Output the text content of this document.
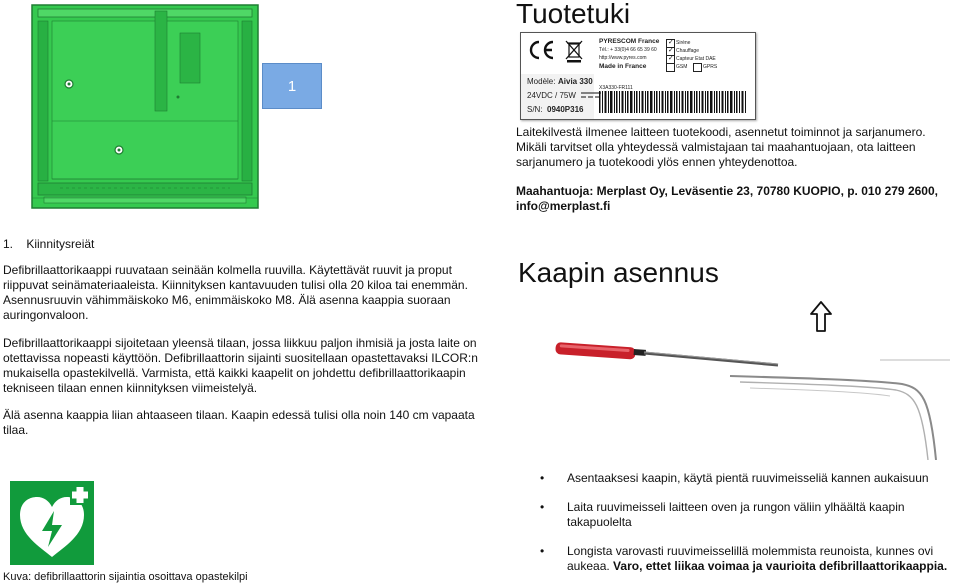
1
Tuotetuki
PYRESCOM France
Tél.: + 33(0)4 66 65 39 60
http://www.pyres.com
Made in France
✓ Sirène
✓ Chauffage
✓ Capteur Etat DAE
GSM	GPRS
Modèle: Aivia 330
24VDC / 75W
S/N: 0940P316
X3A330-FR111
Laitekilvestä ilmenee laitteen tuotekoodi, asennetut toiminnot ja sarjanumero. Mikäli tarvitset olla yhteydessä valmistajaan tai maahantuojaan, ota laitteen sarjanumero ja tuotekoodi ylös ennen yhteydenottoa.
Maahantuoja: Merplast Oy, Leväsentie 23, 70780 KUOPIO, p. 010 279 2600,
info@merplast.fi
1.    Kiinnitysreiät
Defibrillaattorikaappi ruuvataan seinään kolmella ruuvilla. Käytettävät ruuvit ja proput riippuvat seinämateriaaleista. Kiinnityksen kantavuuden tulisi olla 20 kiloa tai enemmän. Asennusruuvin vähimmäiskoko M6, enimmäiskoko M8. Älä asenna kaappia suoraan auringonvaloon.
Defibrillaattorikaappi sijoitetaan yleensä tilaan, jossa liikkuu paljon ihmisiä ja josta laite on otettavissa nopeasti käyttöön. Defibrillaattorin sijainti suositellaan opastettavaksi ILCOR:n mukaisella opastekilvellä. Varmista, että kaikki kaapelit on johdettu defibrillaattorikaapin tekniseen tilaan ennen kiinnityksen viimeistelyä.
Älä asenna kaappia liian ahtaaseen tilaan. Kaapin edessä tulisi olla noin 140 cm vapaata tilaa.
Kaapin asennus
Kuva: defibrillaattorin sijaintia osoittava opastekilpi
• Asentaaksesi kaapin, käytä pientä ruuvimeisseliä kannen aukaisuun
• Laita ruuvimeisseli laitteen oven ja rungon väliin ylhäältä kaapin takapuolelta
• Longista varovasti ruuvimeisselillä molemmista reunoista, kunnes ovi aukeaa. Varo, ettet liikaa voimaa ja vaurioita defibrillaattorikaappia.
